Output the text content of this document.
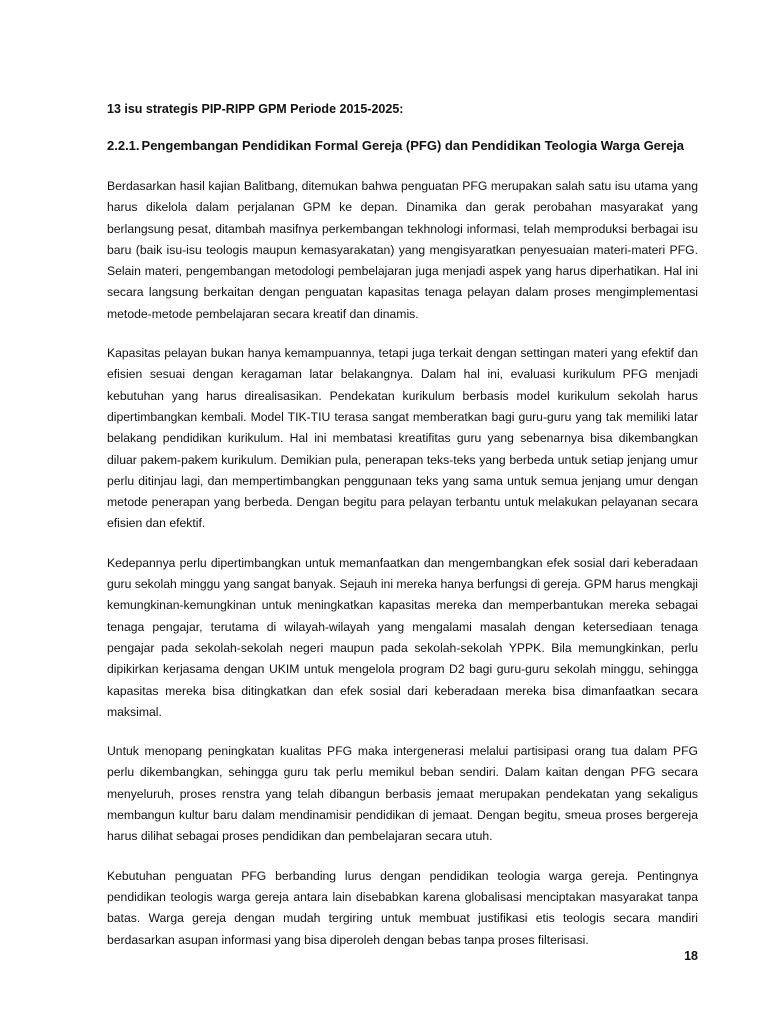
13 isu strategis PIP-RIPP GPM Periode 2015-2025:
2.2.1. Pengembangan Pendidikan Formal Gereja (PFG) dan Pendidikan Teologia Warga Gereja

Berdasarkan hasil kajian Balitbang, ditemukan bahwa penguatan PFG merupakan salah satu isu utama yang harus dikelola dalam perjalanan GPM ke depan. Dinamika dan gerak perobahan masyarakat yang berlangsung pesat, ditambah masifnya perkembangan tekhnologi informasi, telah memproduksi berbagai isu baru (baik isu-isu teologis maupun kemasyarakatan) yang mengisyaratkan penyesuaian materi-materi PFG. Selain materi, pengembangan metodologi pembelajaran juga menjadi aspek yang harus diperhatikan. Hal ini secara langsung berkaitan dengan penguatan kapasitas tenaga pelayan dalam proses mengimplementasi metode-metode pembelajaran secara kreatif dan dinamis.

Kapasitas pelayan bukan hanya kemampuannya, tetapi juga terkait dengan settingan materi yang efektif dan efisien sesuai dengan keragaman latar belakangnya. Dalam hal ini, evaluasi kurikulum PFG menjadi kebutuhan yang harus direalisasikan. Pendekatan kurikulum berbasis model kurikulum sekolah harus dipertimbangkan kembali. Model TIK-TIU terasa sangat memberatkan bagi guru-guru yang tak memiliki latar belakang pendidikan kurikulum. Hal ini membatasi kreatifitas guru yang sebenarnya bisa dikembangkan diluar pakem-pakem kurikulum. Demikian pula, penerapan teks-teks yang berbeda untuk setiap jenjang umur perlu ditinjau lagi, dan mempertimbangkan penggunaan teks yang sama untuk semua jenjang umur dengan metode penerapan yang berbeda. Dengan begitu para pelayan terbantu untuk melakukan pelayanan secara efisien dan efektif.

Kedepannya perlu dipertimbangkan untuk memanfaatkan dan mengembangkan efek sosial dari keberadaan guru sekolah minggu yang sangat banyak. Sejauh ini mereka hanya berfungsi di gereja. GPM harus mengkaji kemungkinan-kemungkinan untuk meningkatkan kapasitas mereka dan memperbantukan mereka sebagai tenaga pengajar, terutama di wilayah-wilayah yang mengalami masalah dengan ketersediaan tenaga pengajar pada sekolah-sekolah negeri maupun pada sekolah-sekolah YPPK. Bila memungkinkan, perlu dipikirkan kerjasama dengan UKIM untuk mengelola program D2 bagi guru-guru sekolah minggu, sehingga kapasitas mereka bisa ditingkatkan dan efek sosial dari keberadaan mereka bisa dimanfaatkan secara maksimal.

Untuk menopang peningkatan kualitas PFG maka intergenerasi melalui partisipasi orang tua dalam PFG perlu dikembangkan, sehingga guru tak perlu memikul beban sendiri. Dalam kaitan dengan PFG secara menyeluruh, proses renstra yang telah dibangun berbasis jemaat merupakan pendekatan yang sekaligus membangun kultur baru dalam mendinamisir pendidikan di jemaat. Dengan begitu, smeua proses bergereja harus dilihat sebagai proses pendidikan dan pembelajaran secara utuh.

Kebutuhan penguatan PFG berbanding lurus dengan pendidikan teologia warga gereja. Pentingnya pendidikan teologis warga gereja antara lain disebabkan karena globalisasi menciptakan masyarakat tanpa batas. Warga gereja dengan mudah tergiring untuk membuat justifikasi etis teologis secara mandiri berdasarkan asupan informasi yang bisa diperoleh dengan bebas tanpa proses filterisasi.

18
